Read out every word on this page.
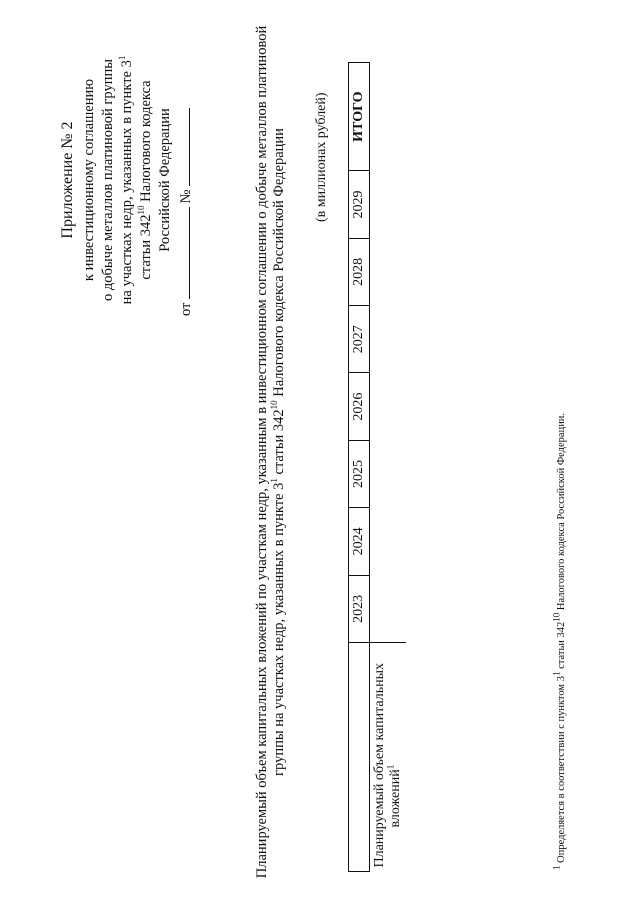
Приложение № 2 к инвестиционному соглашению о добыче металлов платиновой группы на участках недр, указанных в пункте $3^1$
статьи $342^{10}$ Налогового кодекса Российской Федерации
от  №	Планируемый объем капитальных вложений по участкам недр, указанным в инвестиционном соглашении о добыче металлов платиновой группы на участках недр, указанных в пункте $3^1$ статьи $342^{10}$ Налогового кодекса Российской Федерации (в миллионах рублей)
	2023	2024	2025	2026	2027	2028	2029	ИТОГО
Планируемый объем капитальных вложений$^1$

$^1$ Определяется в соответствии с пунктом $3^1$ статьи $342^{10}$ Налогового кодекса Российской Федерации.
